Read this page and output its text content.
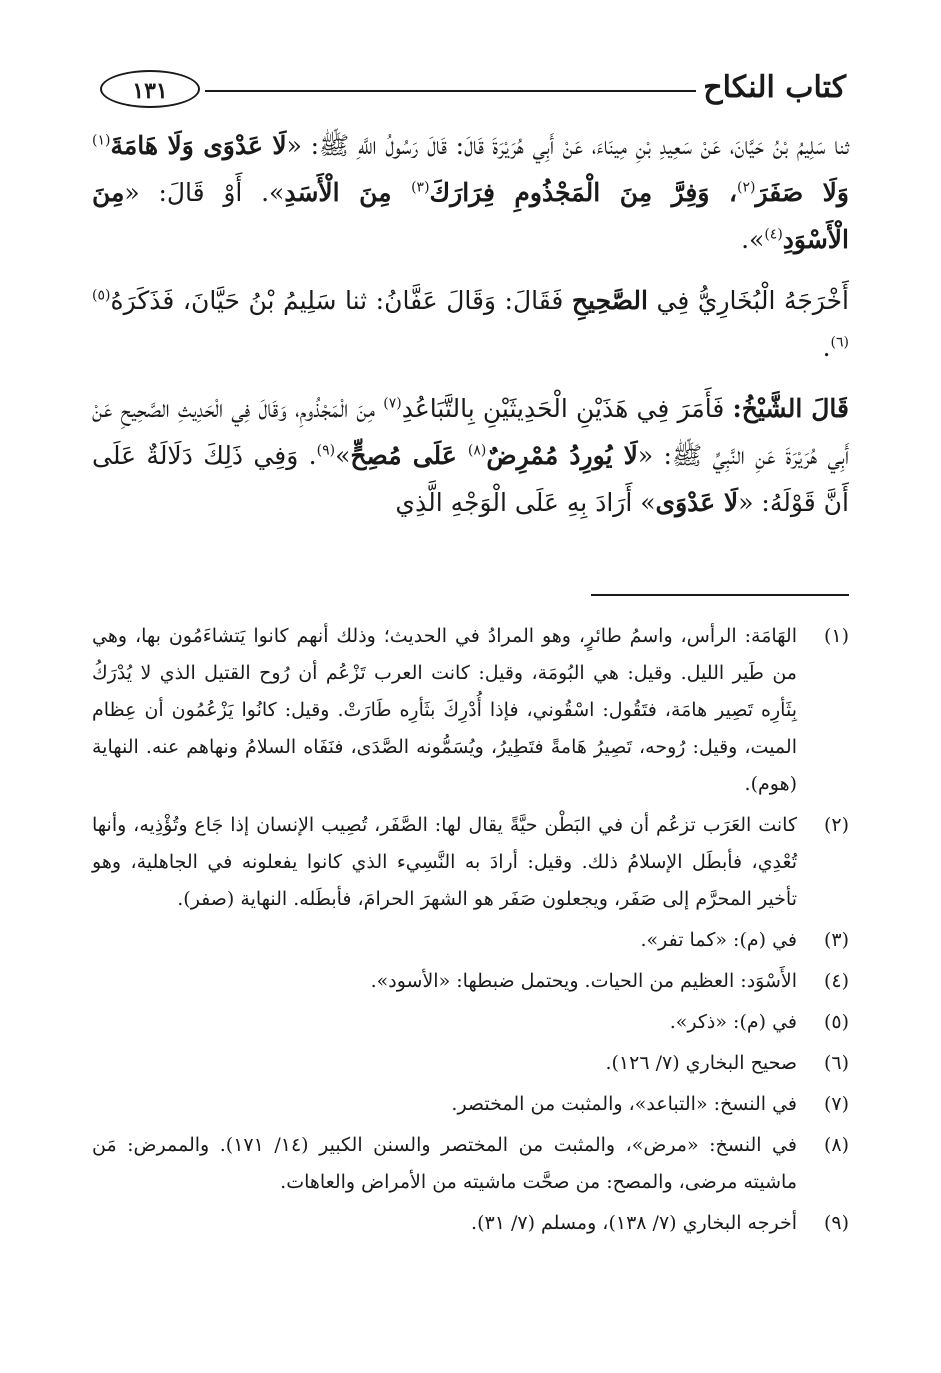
كتاب النكاح
١٣١

ثنا سَلِيمُ بْنُ حَيَّانَ، عَنْ سَعِيدِ بْنِ مِينَاءَ، عَنْ أَبِي هُرَيْرَةَ قَالَ: قَالَ رَسُولُ اللَّهِ ﷺ: «لَا عَدْوَى وَلَا هَامَةَ$^{(١)}$ وَلَا صَفَرَ$^{(٢)}$، وَفِرَّ مِنَ الْمَجْذُومِ فِرَارَكَ$^{(٣)}$ مِنَ الْأَسَدِ». أَوْ قَالَ: «مِنَ الْأَسْوَدِ$^{(٤)}$».

أَخْرَجَهُ الْبُخَارِيُّ فِي الصَّحِيحِ فَقَالَ: وَقَالَ عَفَّانُ: ثنا سَلِيمُ بْنُ حَيَّانَ، فَذَكَرَهُ$^{(٥)(٦)}$.

قَالَ الشَّيْخُ: فَأَمَرَ فِي هَذَيْنِ الْحَدِيثَيْنِ بِالتَّبَاعُدِ$^{(٧)}$ مِنَ الْمَجْذُومِ، وَقَالَ فِي الْحَدِيثِ الصَّحِيحِ عَنْ أَبِي هُرَيْرَةَ عَنِ النَّبِيِّ ﷺ: «لَا يُورِدُ مُمْرِضٌ$^{(٨)}$ عَلَى مُصِحٍّ»$^{(٩)}$. وَفِي ذَلِكَ دَلَالَةٌ عَلَى أَنَّ قَوْلَهُ: «لَا عَدْوَى» أَرَادَ بِهِ عَلَى الْوَجْهِ الَّذِي

(١)
الهَامَة: الرأس، واسمُ طائرٍ، وهو المرادُ في الحديث؛ وذلك أنهم كانوا يَتشاءَمُون بها، وهي من طَير الليل. وقيل: هي البُومَة، وقيل: كانت العرب تَزْعُم أن رُوح القتيل الذي لا يُدْرَكُ بِثَأرِه تَصِير هامَة، فتَقُول: اسْقُوني، فإذا أُدْرِكَ بثَأرِه طَارَتْ. وقيل: كانُوا يَزْعُمُون أن عِظام الميت، وقيل: رُوحه، تَصِيرُ هَامةً فتَطِيرُ، ويُسَمُّونه الصَّدَى، فنَفَاه السلامُ ونهاهم عنه. النهاية (هوم).
(٢)
كانت العَرَب تزعُم أن في البَطْن حيَّةً يقال لها: الصَّفَر، تُصِيب الإنسان إذا جَاع وتُؤْذِيه، وأنها تُعْدِي، فأبطَل الإسلامُ ذلك. وقيل: أرادَ به النَّسِيء الذي كانوا يفعلونه في الجاهلية، وهو تأخير المحرَّم إلى صَفَر، ويجعلون صَفَر هو الشهرَ الحرامَ، فأبطَله. النهاية (صفر).
(٣)
في (م): «كما تفر».
(٤)
الأَسْوَد: العظيم من الحيات. ويحتمل ضبطها: «الأسود».
(٥)
في (م): «ذكر».
(٦)
صحيح البخاري (٧/ ١٢٦).
(٧)
في النسخ: «التباعد»، والمثبت من المختصر.
(٨)
في النسخ: «مرض»، والمثبت من المختصر والسنن الكبير (١٤/ ١٧١). والممرض: مَن ماشيته مرضى، والمصح: من صحَّت ماشيته من الأمراض والعاهات.
(٩)
أخرجه البخاري (٧/ ١٣٨)، ومسلم (٧/ ٣١).
